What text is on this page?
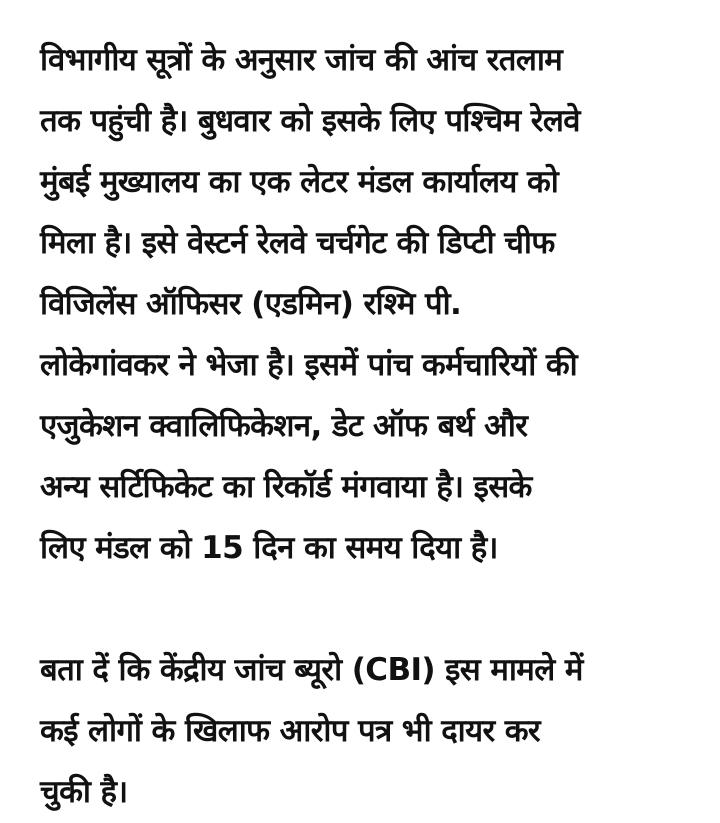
विभागीय सूत्रों के अनुसार जांच की आंच रतलाम
तक पहुंची है। बुधवार को इसके लिए पश्चिम रेलवे
मुंबई मुख्यालय का एक लेटर मंडल कार्यालय को
मिला है। इसे वेस्टर्न रेलवे चर्चगेट की डिप्टी चीफ
विजिलेंस ऑफिसर (एडमिन) रश्मि पी.
लोकेगांवकर ने भेजा है। इसमें पांच कर्मचारियों की
एजुकेशन क्वालिफिकेशन, डेट ऑफ बर्थ और
अन्य सर्टिफिकेट का रिकॉर्ड मंगवाया है। इसके
लिए मंडल को 15 दिन का समय दिया है।
बता दें कि केंद्रीय जांच ब्यूरो (CBI) इस मामले में
कई लोगों के खिलाफ आरोप पत्र भी दायर कर
चुकी है।
